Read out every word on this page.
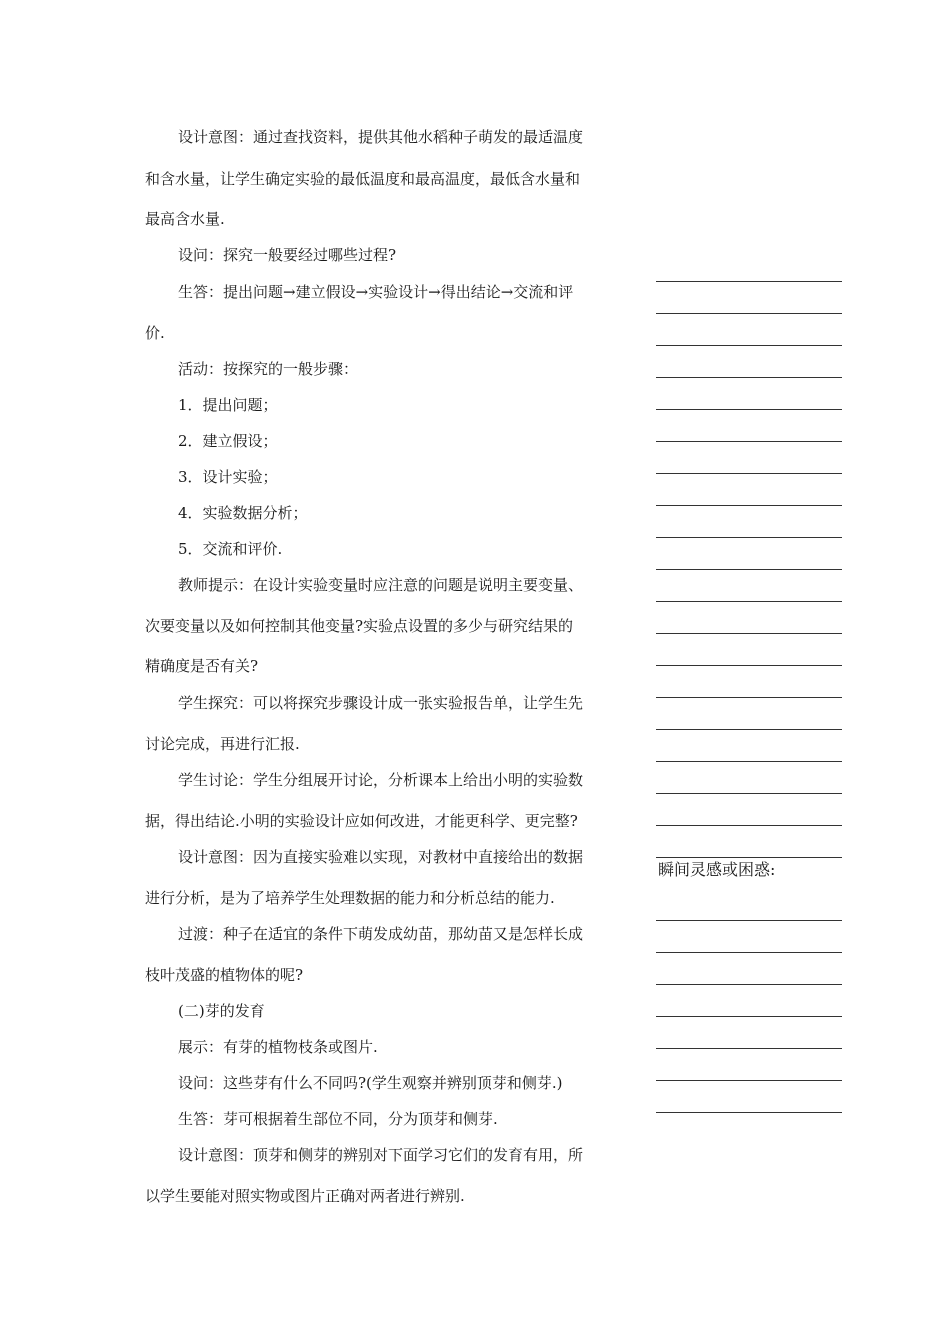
设计意图：通过查找资料，提供其他水稻种子萌发的最适温度
和含水量，让学生确定实验的最低温度和最高温度，最低含水量和
最高含水量.
设问：探究一般要经过哪些过程?
生答：提出问题→建立假设→实验设计→得出结论→交流和评
价.
活动：按探究的一般步骤：
1．提出问题；
2．建立假设；
3．设计实验；
4．实验数据分析；
5．交流和评价.
教师提示：在设计实验变量时应注意的问题是说明主要变量、
次要变量以及如何控制其他变量?实验点设置的多少与研究结果的
精确度是否有关?
学生探究：可以将探究步骤设计成一张实验报告单，让学生先
讨论完成，再进行汇报.
学生讨论：学生分组展开讨论，分析课本上给出小明的实验数
据，得出结论.小明的实验设计应如何改进，才能更科学、更完整?
设计意图：因为直接实验难以实现，对教材中直接给出的数据
进行分析，是为了培养学生处理数据的能力和分析总结的能力.
过渡：种子在适宜的条件下萌发成幼苗，那幼苗又是怎样长成
枝叶茂盛的植物体的呢?
(二)芽的发育
展示：有芽的植物枝条或图片.
设问：这些芽有什么不同吗?(学生观察并辨别顶芽和侧芽.)
生答：芽可根据着生部位不同，分为顶芽和侧芽.
设计意图：顶芽和侧芽的辨别对下面学习它们的发育有用，所
以学生要能对照实物或图片正确对两者进行辨别.
瞬间灵感或困惑:
